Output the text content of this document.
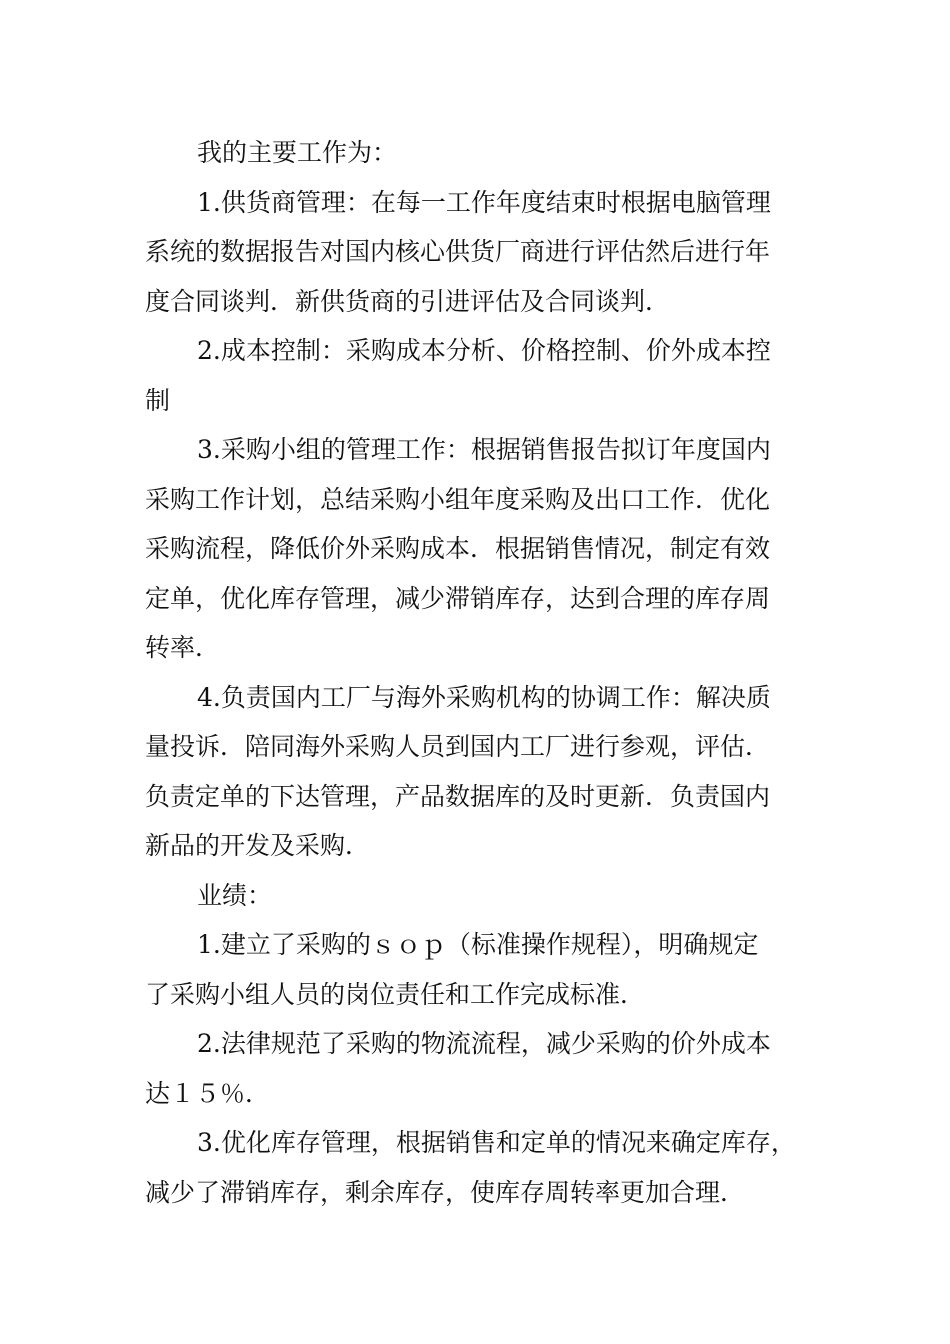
我的主要工作为：
1.供货商管理：在每一工作年度结束时根据电脑管理
系统的数据报告对国内核心供货厂商进行评估然后进行年
度合同谈判．新供货商的引进评估及合同谈判．
2.成本控制：采购成本分析、价格控制、价外成本控
制
3.采购小组的管理工作：根据销售报告拟订年度国内
采购工作计划，总结采购小组年度采购及出口工作．优化
采购流程，降低价外采购成本．根据销售情况，制定有效
定单，优化库存管理，减少滞销库存，达到合理的库存周
转率．
4.负责国内工厂与海外采购机构的协调工作：解决质
量投诉．陪同海外采购人员到国内工厂进行参观，评估．
负责定单的下达管理，产品数据库的及时更新．负责国内
新品的开发及采购．
业绩：
1.建立了采购的ｓｏｐ（标准操作规程），明确规定
了采购小组人员的岗位责任和工作完成标准．
2.法律规范了采购的物流流程，减少采购的价外成本
达１５％．
3.优化库存管理，根据销售和定单的情况来确定库存，
减少了滞销库存，剩余库存，使库存周转率更加合理．
